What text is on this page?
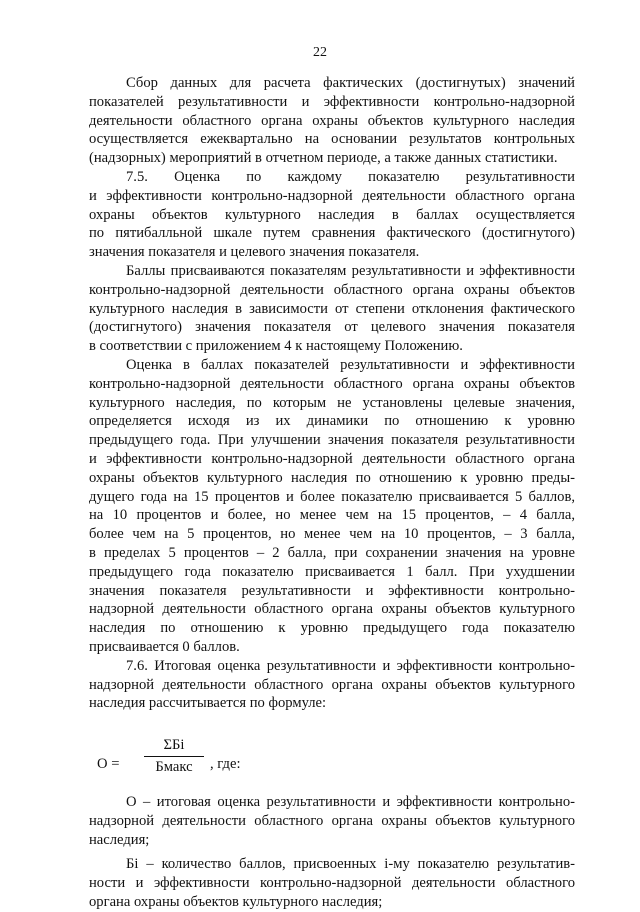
22

Сбор данных для расчета фактических (достигнутых) значений

показателей результативности и эффективности контрольно-надзорной

деятельности областного органа охраны объектов культурного наследия

осуществляется ежеквартально на основании результатов контрольных

(надзорных) мероприятий в отчетном периоде, а также данных статистики.

7.5. Оценка по каждому показателю результативности

и эффективности контрольно-надзорной деятельности областного органа

охраны объектов культурного наследия в баллах осуществляется

по пятибалльной шкале путем сравнения фактического (достигнутого)

значения показателя и целевого значения показателя.

Баллы присваиваются показателям результативности и эффективности

контрольно-надзорной деятельности областного органа охраны объектов

культурного наследия в зависимости от степени отклонения фактического

(достигнутого) значения показателя от целевого значения показателя

в соответствии с приложением 4 к настоящему Положению.

Оценка в баллах показателей результативности и эффективности

контрольно-надзорной деятельности областного органа охраны объектов

культурного наследия, по которым не установлены целевые значения,

определяется исходя из их динамики по отношению к уровню

предыдущего года. При улучшении значения показателя результативности

и эффективности контрольно-надзорной деятельности областного органа

охраны объектов культурного наследия по отношению к уровню преды-

дущего года на 15 процентов и более показателю присваивается 5 баллов,

на 10 процентов и более, но менее чем на 15 процентов, – 4 балла,

более чем на 5 процентов, но менее чем на 10 процентов, – 3 балла,

в пределах 5 процентов – 2 балла, при сохранении значения на уровне

предыдущего года показателю присваивается 1 балл. При ухудшении

значения показателя результативности и эффективности контрольно-

надзорной деятельности областного органа охраны объектов культурного

наследия по отношению к уровню предыдущего года показателю

присваивается 0 баллов.

7.6. Итоговая оценка результативности и эффективности контрольно-

надзорной деятельности областного органа охраны объектов культурного

наследия рассчитывается по формуле:

О =
ΣБi
Бмакс	, где:

О – итоговая оценка результативности и эффективности контрольно-

надзорной деятельности областного органа охраны объектов культурного

наследия;

Бi – количество баллов, присвоенных i-му показателю результатив-

ности и эффективности контрольно-надзорной деятельности областного

органа охраны объектов культурного наследия;
